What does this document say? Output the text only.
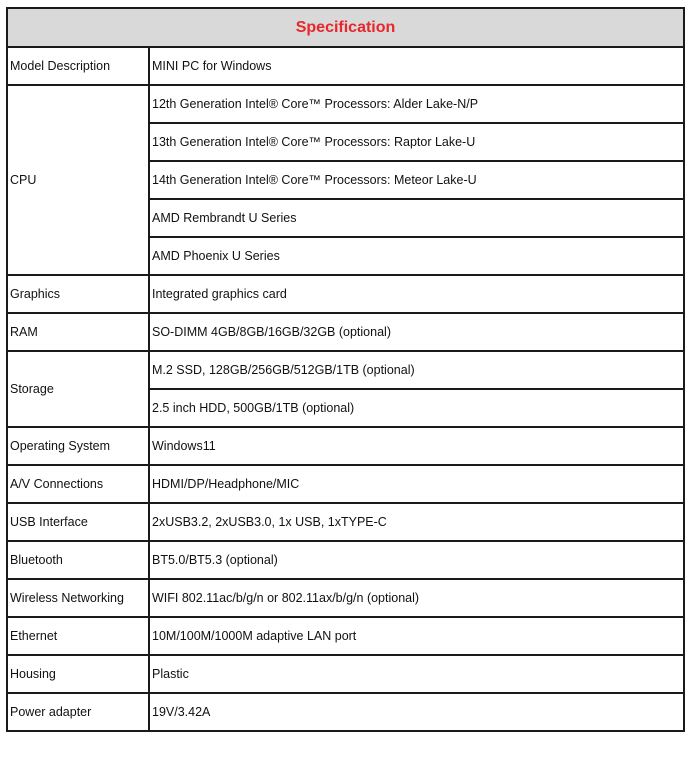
Specification	
Model Description	MINI PC for Windows
CPU	12th Generation Intel® Core™ Processors: Alder Lake-N/P
	13th Generation Intel® Core™ Processors: Raptor Lake-U
	14th Generation Intel® Core™ Processors: Meteor Lake-U
	AMD Rembrandt U Series
	AMD Phoenix U Series
Graphics	Integrated graphics card
RAM	SO-DIMM 4GB/8GB/16GB/32GB (optional)
Storage	M.2 SSD, 128GB/256GB/512GB/1TB (optional)
	2.5 inch HDD, 500GB/1TB (optional)
Operating System	Windows11
A/V Connections	HDMI/DP/Headphone/MIC
USB Interface	2xUSB3.2, 2xUSB3.0, 1x USB, 1xTYPE-C
Bluetooth	BT5.0/BT5.3 (optional)
Wireless Networking	WIFI 802.11ac/b/g/n or 802.11ax/b/g/n (optional)
Ethernet	10M/100M/1000M adaptive LAN port
Housing	Plastic
Power adapter	19V/3.42A
